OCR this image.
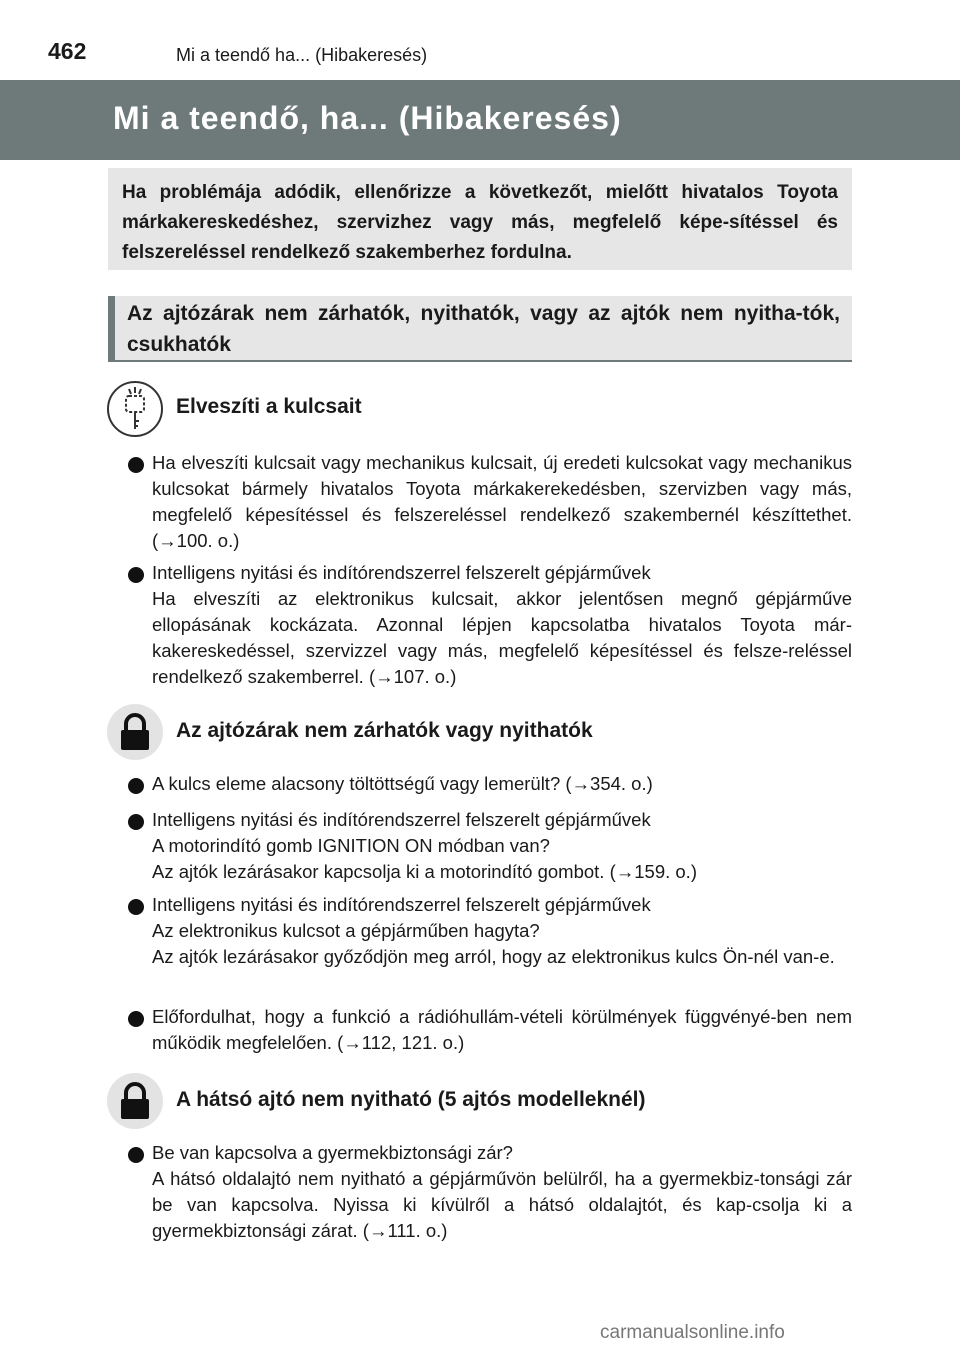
462	Mi a teendő ha... (Hibakeresés)
Mi a teendő, ha... (Hibakeresés)
Ha problémája adódik, ellenőrizze a következőt, mielőtt hivatalos Toyota márkakereskedéshez, szervizhez vagy más, megfelelő képe-sítéssel és felszereléssel rendelkező szakemberhez fordulna.
Az ajtózárak nem zárhatók, nyithatók, vagy az ajtók nem nyitha-tók, csukhatók
Elveszíti a kulcsait
Ha elveszíti kulcsait vagy mechanikus kulcsait, új eredeti kulcsokat vagy mechanikus kulcsokat bármely hivatalos Toyota márkakerekedésben, szervizben vagy más, megfelelő képesítéssel és felszereléssel rendelkező szakembernél készíttethet. (→100. o.)
Intelligens nyitási és indítórendszerrel felszerelt gépjárművek
Ha elveszíti az elektronikus kulcsait, akkor jelentősen megnő gépjárműve ellopásának kockázata. Azonnal lépjen kapcsolatba hivatalos Toyota már-kakereskedéssel, szervizzel vagy más, megfelelő képesítéssel és felsze-reléssel rendelkező szakemberrel. (→107. o.)
Az ajtózárak nem zárhatók vagy nyithatók
A kulcs eleme alacsony töltöttségű vagy lemerült? (→354. o.)
Intelligens nyitási és indítórendszerrel felszerelt gépjárművek
A motorindító gomb IGNITION ON módban van?
Az ajtók lezárásakor kapcsolja ki a motorindító gombot. (→159. o.)
Intelligens nyitási és indítórendszerrel felszerelt gépjárművek
Az elektronikus kulcsot a gépjárműben hagyta?
Az ajtók lezárásakor győződjön meg arról, hogy az elektronikus kulcs Ön-nél van-e.
Előfordulhat, hogy a funkció a rádióhullám-vételi körülmények függvényé-ben nem működik megfelelően. (→112, 121. o.)
A hátsó ajtó nem nyitható (5 ajtós modelleknél)
Be van kapcsolva a gyermekbiztonsági zár?
A hátsó oldalajtó nem nyitható a gépjárművön belülről, ha a gyermekbiz-tonsági zár be van kapcsolva. Nyissa ki kívülről a hátsó oldalajtót, és kap-csolja ki a gyermekbiztonsági zárat. (→111. o.)
carmanualsonline.info
